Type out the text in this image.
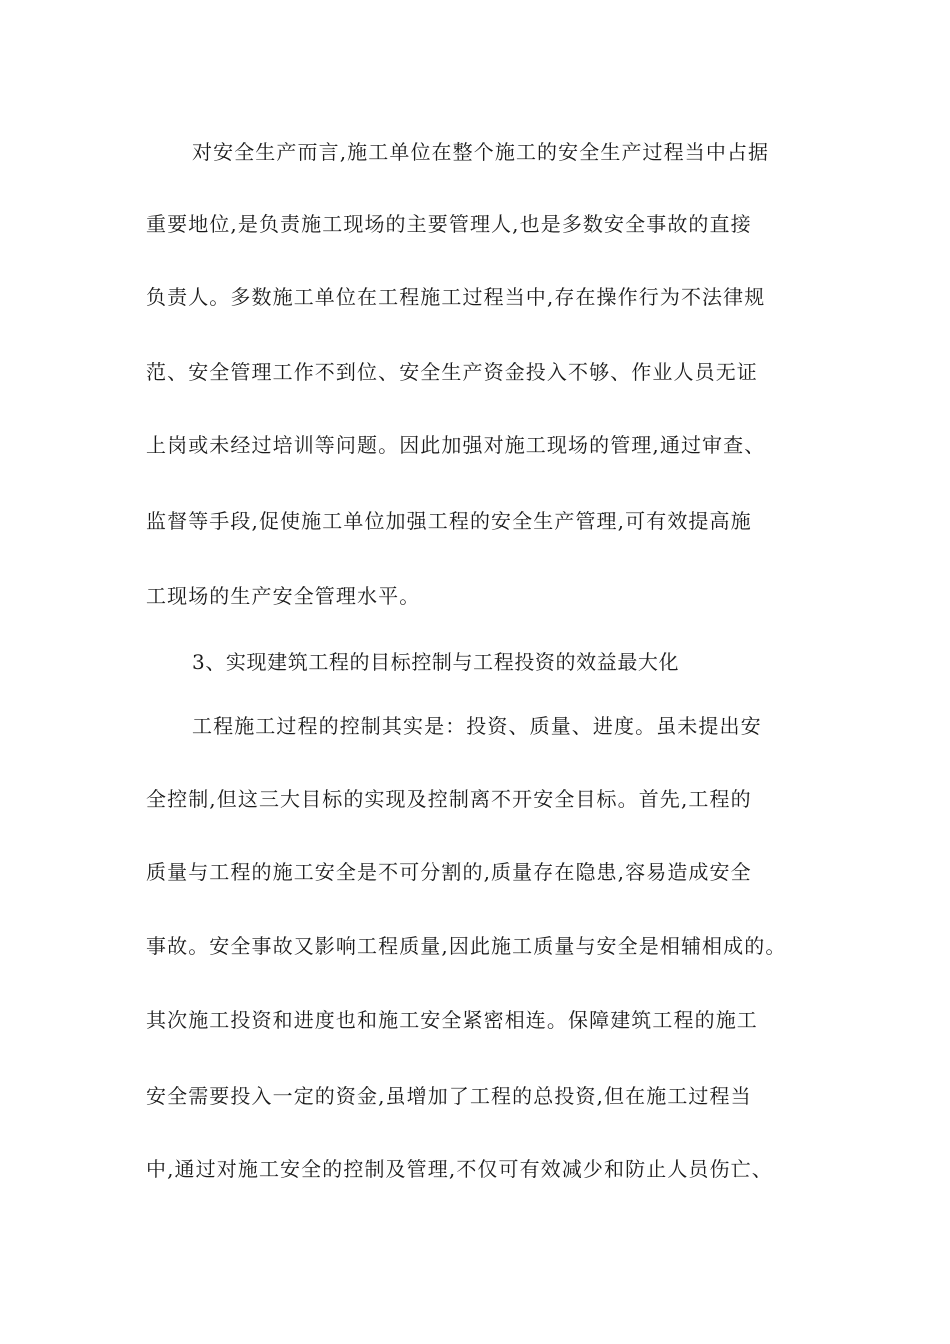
对安全生产而言,施工单位在整个施工的安全生产过程当中占据
重要地位,是负责施工现场的主要管理人,也是多数安全事故的直接
负责人。多数施工单位在工程施工过程当中,存在操作行为不法律规
范、安全管理工作不到位、安全生产资金投入不够、作业人员无证
上岗或未经过培训等问题。因此加强对施工现场的管理,通过审查、
监督等手段,促使施工单位加强工程的安全生产管理,可有效提高施
工现场的生产安全管理水平。
3、实现建筑工程的目标控制与工程投资的效益最大化
工程施工过程的控制其实是：投资、质量、进度。虽未提出安
全控制,但这三大目标的实现及控制离不开安全目标。首先,工程的
质量与工程的施工安全是不可分割的,质量存在隐患,容易造成安全
事故。安全事故又影响工程质量,因此施工质量与安全是相辅相成的。
其次施工投资和进度也和施工安全紧密相连。保障建筑工程的施工
安全需要投入一定的资金,虽增加了工程的总投资,但在施工过程当
中,通过对施工安全的控制及管理,不仅可有效减少和防止人员伤亡、
